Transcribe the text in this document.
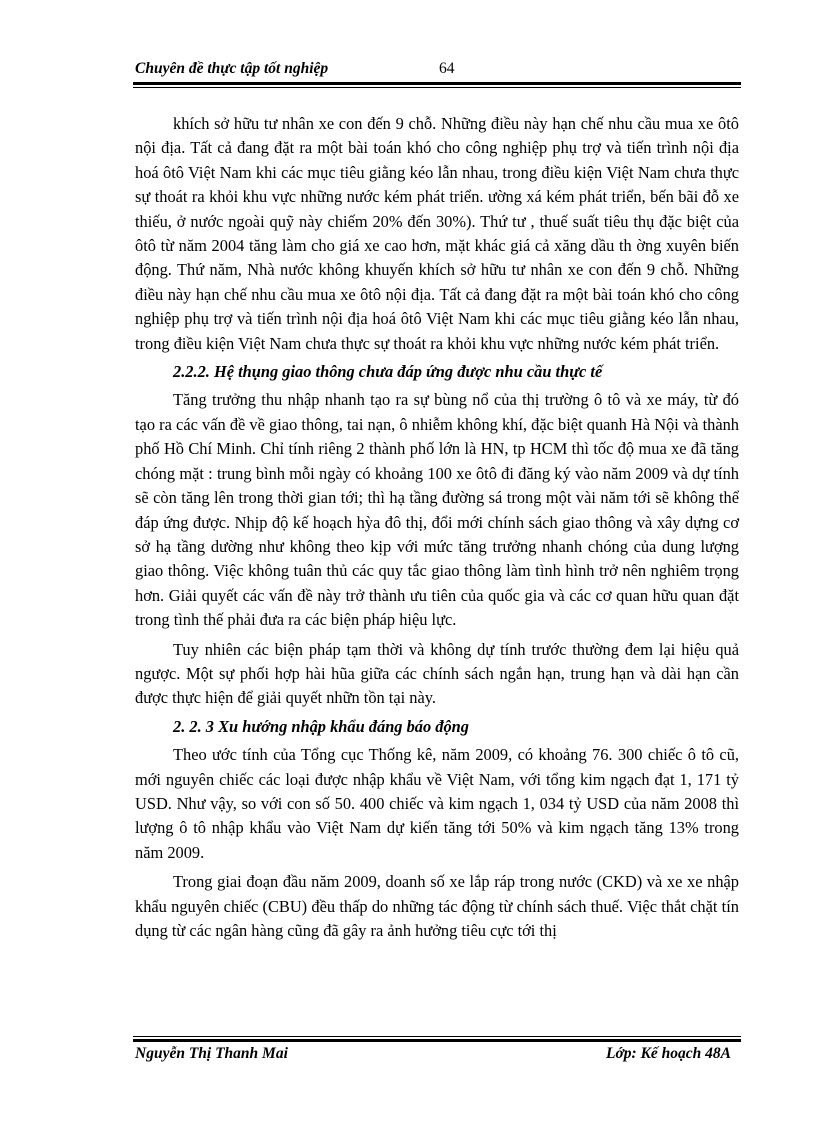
Chuyên đề thực tập tốt nghiệp	64

khích sở hữu tư nhân xe con đến 9 chỗ. Những điều này hạn chế nhu cầu mua xe ôtô nội địa. Tất cả đang đặt ra một bài toán khó cho công nghiệp phụ trợ và tiến trình nội địa hoá ôtô Việt Nam khi các mục tiêu giằng kéo lẫn nhau, trong điều kiện Việt Nam chưa thực sự thoát ra khỏi khu vực những nước kém phát triển. ường xá kém phát triển, bến bãi đỗ xe thiếu, ở nước ngoài quỹ này chiếm 20% đến 30%). Thứ tư , thuế suất tiêu thụ đặc biệt của ôtô từ năm 2004 tăng làm cho giá xe cao hơn, mặt khác giá cả xăng dầu th ờng xuyên biến động. Thứ năm, Nhà nước không khuyến khích sở hữu tư nhân xe con đến 9 chỗ. Những điều này hạn chế nhu cầu mua xe ôtô nội địa. Tất cả đang đặt ra một bài toán khó cho công nghiệp phụ trợ và tiến trình nội địa hoá ôtô Việt Nam khi các mục tiêu giằng kéo lẫn nhau, trong điều kiện Việt Nam chưa thực sự thoát ra khỏi khu vực những nước kém phát triển.

2.2.2. Hệ thụng giao thông chưa đáp ứng được nhu cầu thực tế

Tăng trưởng thu nhập nhanh tạo ra sự bùng nổ của thị trường ô tô và xe máy, từ đó tạo ra các vấn đề về giao thông, tai nạn, ô nhiễm không khí, đặc biệt quanh Hà Nội và thành phố Hồ Chí Minh. Chỉ tính riêng 2 thành phố lớn là HN, tp HCM thì tốc độ mua xe đã tăng chóng mặt : trung bình mỗi ngày có khoảng 100 xe ôtô đi đăng ký vào năm 2009 và dự tính sẽ còn tăng lên trong thời gian tới; thì hạ tầng đường sá trong một vài năm tới sẽ không thể đáp ứng được. Nhịp độ kế hoạch hỳa đô thị, đổi mới chính sách giao thông và xây dựng cơ sở hạ tầng dường như không theo kịp với mức tăng trưởng nhanh chóng của dung lượng giao thông. Việc không tuân thủ các quy tắc giao thông làm tình hình trở nên nghiêm trọng hơn. Giải quyết các vấn đề này trở thành ưu tiên của quốc gia và các cơ quan hữu quan đặt trong tình thế phải đưa ra các biện pháp hiệu lực.

Tuy nhiên các biện pháp tạm thời và không dự tính trước thường đem lại hiệu quả ngược. Một sự phối hợp hài hũa giữa các chính sách ngắn hạn, trung hạn và dài hạn cần được thực hiện để giải quyết nhữn tồn tại này.

2. 2. 3 Xu hướng nhập khẩu đáng báo động

Theo ước tính của Tổng cục Thống kê, năm 2009, có khoảng 76. 300 chiếc ô tô cũ, mới nguyên chiếc các loại được nhập khẩu về Việt Nam, với tổng kim ngạch đạt 1, 171 tỷ USD. Như vậy, so với con số 50. 400 chiếc và kim ngạch 1, 034 tỷ USD của năm 2008 thì lượng ô tô nhập khẩu vào Việt Nam dự kiến tăng tới 50% và kim ngạch tăng 13% trong năm 2009.

Trong giai đoạn đầu năm 2009, doanh số xe lắp ráp trong nước (CKD) và xe xe nhập khẩu nguyên chiếc (CBU) đều thấp do những tác động từ chính sách thuế. Việc thắt chặt tín dụng từ các ngân hàng cũng đã gây ra ảnh hưởng tiêu cực tới thị

Nguyễn Thị Thanh Mai	Lớp: Kế hoạch 48A
